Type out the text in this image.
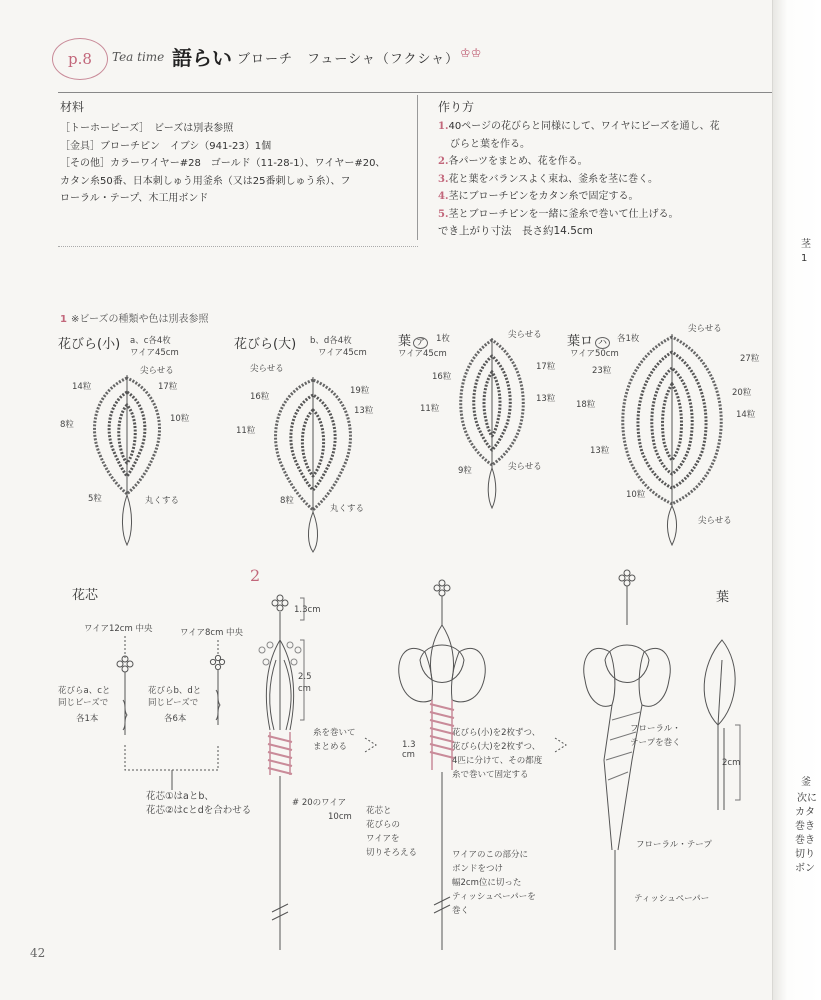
p.8	Tea time 語らい ブローチ　フューシャ（フクシャ） ♔♔
材料
［トーホービーズ］　ビーズは別表参照
［金具］ブローチピン　イブシ（941-23）1個
［その他］カラーワイヤー#28　ゴールド（11-28-1）、ワイヤー#20、
カタン糸50番、日本刺しゅう用釜糸（又は25番刺しゅう糸）、フ
ローラル・テープ、木工用ボンド
作り方
1.40ページの花びらと同様にして、ワイヤにビーズを通し、花
びらと葉を作る。
2.各パーツをまとめ、花を作る。
3.花と葉をバランスよく束ね、釜糸を茎に巻く。
4.茎にブローチピンをカタン糸で固定する。
5.茎とブローチピンを一緒に釜糸で巻いて仕上げる。
でき上がり寸法　長さ約14.5cm
1 ※ビーズの種類や色は別表参照
花びら(小) a、c各4枚
ワイア45cm
尖らせる
14粒
8粒
5粒
17粒
10粒
丸くする
花びら(大) b、d各4枚
ワイア45cm
尖らせる
16粒
11粒
8粒
19粒
13粒
丸くする
葉 ア	1枚
ワイア45cm
尖らせる
16粒
11粒
9粒
17粒
13粒
尖らせる
葉ロ ハ	各1枚
ワイア50cm
尖らせる
23粒
18粒
13粒
10粒
27粒
20粒
14粒
尖らせる
2
花芯
ワイア12cm 中央	ワイア8cm 中央
花びらa、cと
同じビーズで
各1本
花びらb、dと
同じビーズで
各6本
花芯①はaとb、
花芯②はcとdを合わせる
1.3cm
2.5
cm
糸を巻いて
まとめる
# 20のワイア
10cm
1.3
cm
花びら(小)を2枚ずつ、
花びら(大)を2枚ずつ、
4匹に分けて、その都度
糸で巻いて固定する
花芯と
花びらの
ワイアを
切りそろえる	ワイアのこの部分に
ボンドをつけ
幅2cm位に切った
ティッシュペーパーを
巻く
フローラル・
テープを巻く
フローラル・テープ
ティッシュペーパー
葉
2cm
42
茎
1
釜
次に
カタ
巻き
巻き
切り
ボン
